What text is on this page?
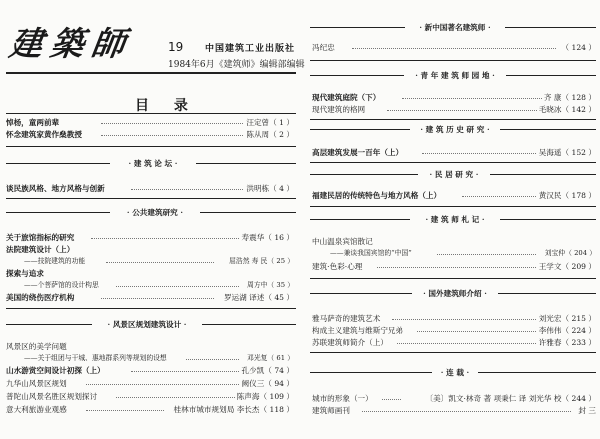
建築師	19 中国建筑工业出版社
1984年6月《建筑师》编辑部编辑
目 录
悼杨，童两前辈	汪定曾（ 1 ）
怀念建筑家黄作燊教授	陈从周（ 2 ）
· 建 筑 论 坛 ·
谈民族风格、地方风格与创新	洪明栋（ 4 ）
· 公共建筑研究 ·
关于旅馆指标的研究	寿震华（ 16 ）
法院建筑设计（上）
——技院建筑的功能	屈浩然 寿 民（ 25 ）
探索与追求
——个菩萨馆的设计构思	周方中（ 35 ）
美国的绕伤医疗机构	罗运湖 译述（ 45 ）
· 风景区规划建筑设计 ·
风景区的美学问题
——关于组团与干城、惠地群系列等规划的设想	邓光复（ 61 ）
山水游赏空间设计初探（上）	孔少凯（ 74 ）
九华山风景区规划	阙仪三（ 94 ）
普陀山风景名胜区规划探讨	陈声海（ 109 ）
意大利旅游业观感	桂林市城市规划局 李长杰（ 118 ）
· 新中国著名建筑师 ·
冯纪忠	（ 124 ）
· 青 年 建 筑 师 园 地 ·
现代建筑庭院（下）	齐 康（ 128 ）
现代建筑的格网	毛晓冰（ 142 ）
· 建 筑 历 史 研 究 ·
高层建筑发展一百年（上）	吴海遥（ 152 ）
· 民 居 研 究 ·
福建民居的传统特色与地方风格（上）	黄汉民（ 178 ）
· 建 筑 师 札 记 ·
中山温泉宾馆散记
——兼谈我国宾馆的“中国”	刘宝仲（ 204 ）
建筑·色彩·心理	王学文（ 209 ）
· 国外建筑师介绍 ·
雅马萨奇的建筑艺术	刘光宏（ 215 ）
构成主义建筑与维斯宁兄弟	李伟伟（ 224 ）
苏联建筑师简介（上）	许雅春（ 233 ）
· 连 载 ·
城市的形象（一）	〔美〕凯文·林奇 著 项秉仁 译 刘光华 校（ 244 ）
建筑师画刊	封 三
